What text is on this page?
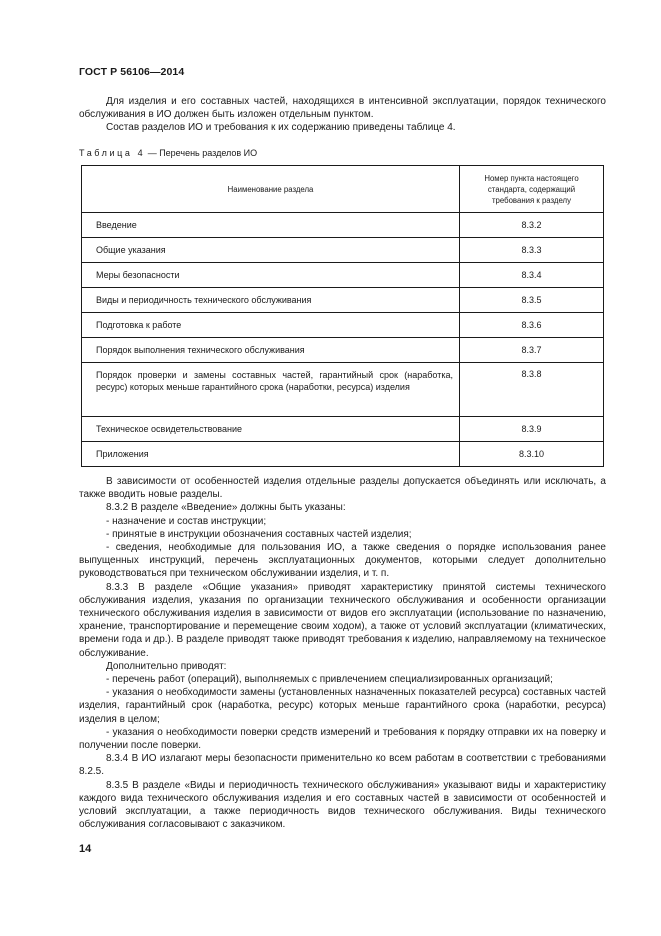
ГОСТ Р 56106—2014

Для изделия и его составных частей, находящихся в интенсивной эксплуатации, порядок технического обслуживания в ИО должен быть изложен отдельным пунктом.

Состав разделов ИО и требования к их содержанию приведены таблице 4.

Таблица 4 — Перечень разделов ИО
Наименование раздела	Номер пункта настоящего стандарта, содержащий требования к разделу
Введение	8.3.2
Общие указания	8.3.3
Меры безопасности	8.3.4
Виды и периодичность технического обслуживания	8.3.5
Подготовка к работе	8.3.6
Порядок выполнения технического обслуживания	8.3.7
Порядок проверки и замены составных частей, гарантийный срок (наработка, ресурс) которых меньше гарантийного срока (наработки, ресурса) изделия	8.3.8
Техническое освидетельствование	8.3.9
Приложения	8.3.10

В зависимости от особенностей изделия отдельные разделы допускается объединять или исключать, а также вводить новые разделы.

8.3.2 В разделе «Введение» должны быть указаны:

- назначение и состав инструкции;

- принятые в инструкции обозначения составных частей изделия;

- сведения, необходимые для пользования ИО, а также сведения о порядке использования ранее выпущенных инструкций, перечень эксплуатационных документов, которыми следует дополнительно руководствоваться при техническом обслуживании изделия, и т. п.

8.3.3 В разделе «Общие указания» приводят характеристику принятой системы технического обслуживания изделия, указания по организации технического обслуживания и особенности организации технического обслуживания изделия в зависимости от видов его эксплуатации (использование по назначению, хранение, транспортирование и перемещение своим ходом), а также от условий эксплуатации (климатических, времени года и др.). В разделе приводят также приводят требования к изделию, направляемому на техническое обслуживание.

Дополнительно приводят:

- перечень работ (операций), выполняемых с привлечением специализированных организаций;

- указания о необходимости замены (установленных назначенных показателей ресурса) составных частей изделия, гарантийный срок (наработка, ресурс) которых меньше гарантийного срока (наработки, ресурса) изделия в целом;

- указания о необходимости поверки средств измерений и требования к порядку отправки их на поверку и получении после поверки.

8.3.4 В ИО излагают меры безопасности применительно ко всем работам в соответствии с требованиями 8.2.5.

8.3.5 В разделе «Виды и периодичность технического обслуживания» указывают виды и характеристику каждого вида технического обслуживания изделия и его составных частей в зависимости от особенностей и условий эксплуатации, а также периодичность видов технического обслуживания. Виды технического обслуживания согласовывают с заказчиком.

14
